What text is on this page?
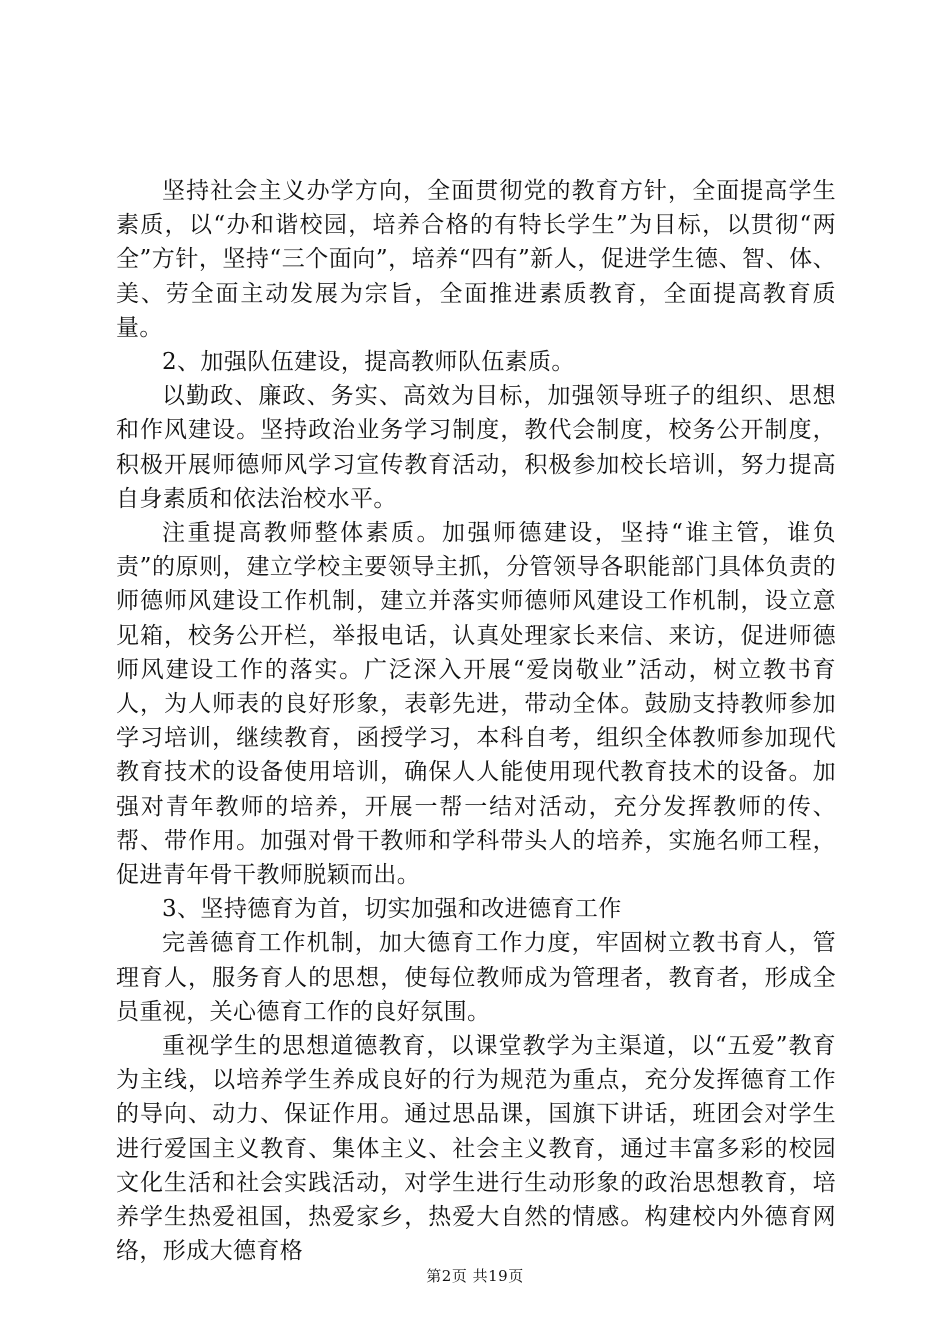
坚持社会主义办学方向，全面贯彻党的教育方针，全面提高学生素质，以“办和谐校园，培养合格的有特长学生”为目标，以贯彻“两全”方针，坚持“三个面向”，培养“四有”新人，促进学生德、智、体、美、劳全面主动发展为宗旨，全面推进素质教育，全面提高教育质量。

2、加强队伍建设，提高教师队伍素质。

以勤政、廉政、务实、高效为目标，加强领导班子的组织、思想和作风建设。坚持政治业务学习制度，教代会制度，校务公开制度，积极开展师德师风学习宣传教育活动，积极参加校长培训，努力提高自身素质和依法治校水平。

注重提高教师整体素质。加强师德建设，坚持“谁主管，谁负责”的原则，建立学校主要领导主抓，分管领导各职能部门具体负责的师德师风建设工作机制，建立并落实师德师风建设工作机制，设立意见箱，校务公开栏，举报电话，认真处理家长来信、来访，促进师德师风建设工作的落实。广泛深入开展“爱岗敬业”活动，树立教书育人，为人师表的良好形象，表彰先进，带动全体。鼓励支持教师参加学习培训，继续教育，函授学习，本科自考，组织全体教师参加现代教育技术的设备使用培训，确保人人能使用现代教育技术的设备。加强对青年教师的培养，开展一帮一结对活动，充分发挥教师的传、帮、带作用。加强对骨干教师和学科带头人的培养，实施名师工程，促进青年骨干教师脱颖而出。

3、坚持德育为首，切实加强和改进德育工作

完善德育工作机制，加大德育工作力度，牢固树立教书育人，管理育人，服务育人的思想，使每位教师成为管理者，教育者，形成全员重视，关心德育工作的良好氛围。

重视学生的思想道德教育，以课堂教学为主渠道，以“五爱”教育为主线，以培养学生养成良好的行为规范为重点，充分发挥德育工作的导向、动力、保证作用。通过思品课，国旗下讲话，班团会对学生进行爱国主义教育、集体主义、社会主义教育，通过丰富多彩的校园文化生活和社会实践活动，对学生进行生动形象的政治思想教育，培养学生热爱祖国，热爱家乡，热爱大自然的情感。构建校内外德育网络，形成大德育格

第2页 共19页
